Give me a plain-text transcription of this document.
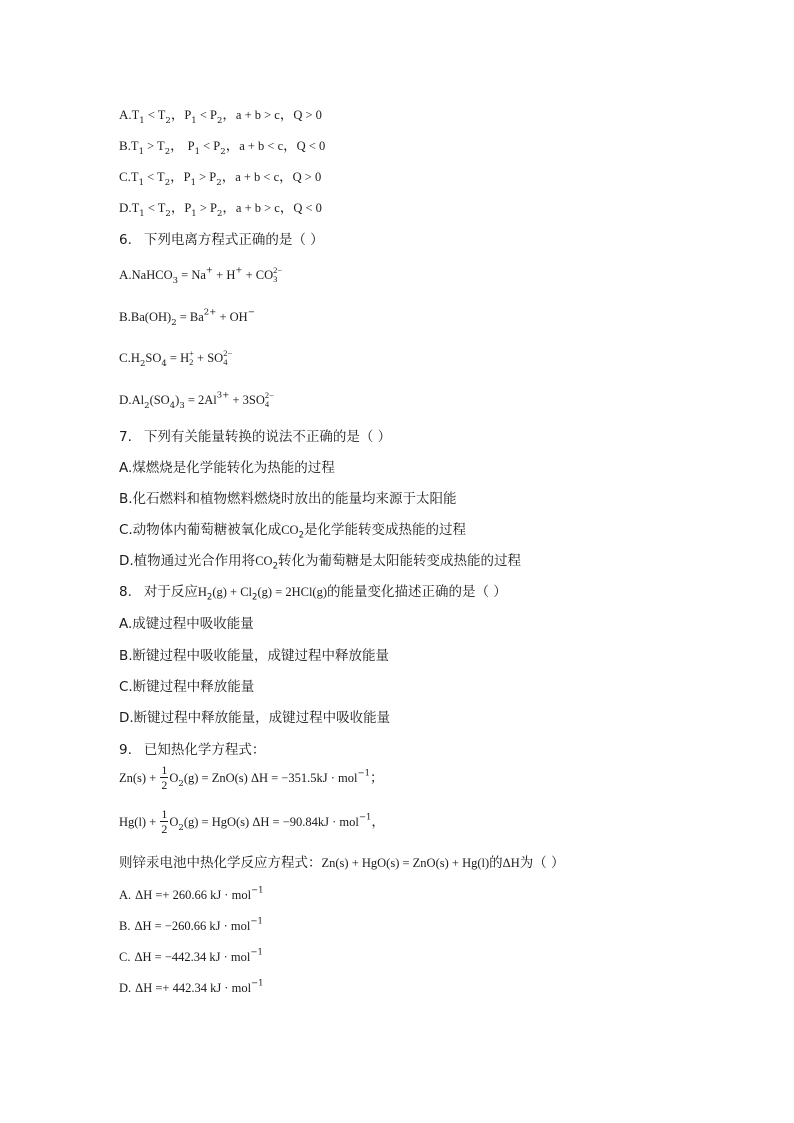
$A.T_1 < T_2$，$P_1 < P_2$，a + b > c，Q > 0
$B.T_1 > T_2$， $P_1 < P_2$，a + b < c，Q < 0
$C.T_1 < T_2$，$P_1 > P_2$，a + b < c，Q > 0
$D.T_1 < T_2$，$P_1 > P_2$，a + b > c，Q < 0
6. 下列电离方程式正确的是（ ）
A.NaHCO$_3$ = Na+ + H+ + CO 2−
3
$B.Ba(OH)_2 = Ba^{2+} + OH^-$
$C.H_2SO_4 = H$ +
2 + SO 2−
4
$D.Al_2(SO_4)_3 = 2Al^{3+} + 3SO$ 2−
4
7. 下列有关能量转换的说法不正确的是（ ）
A.煤燃烧是化学能转化为热能的过程
B.化石燃料和植物燃料燃烧时放出的能量均来源于太阳能
C.动物体内葡萄糖被氧化成$CO_2$是化学能转变成热能的过程
D.植物通过光合作用将$CO_2$转化为葡萄糖是太阳能转变成热能的过程
8. 对于反应$H_2(g) + Cl_2(g) = 2HCl(g)$的能量变化描述正确的是（ ）
A.成键过程中吸收能量
B.断键过程中吸收能量，成键过程中释放能量
C.断键过程中释放能量
D.断键过程中释放能量，成键过程中吸收能量
9. 已知热化学方程式：
$Zn(s) + \frac{1}{2} O_2(g) = ZnO(s) \Delta H = -351.5kJ \cdot mol^{-1}$；
$Hg(l) + \frac{1}{2} O_2(g) = HgO(s) \Delta H = -90.84kJ \cdot mol^{-1}$，
则锌汞电池中热化学反应方程式：Zn(s) + HgO(s) = ZnO(s) + Hg(l)的ΔH为（ ）
A. ΔH =+ 260.66 kJ · mol$^{-1}$
B. ΔH = −260.66 kJ · mol$^{-1}$
C. ΔH = −442.34 kJ · mol$^{-1}$
D. ΔH =+ 442.34 kJ · mol$^{-1}$
